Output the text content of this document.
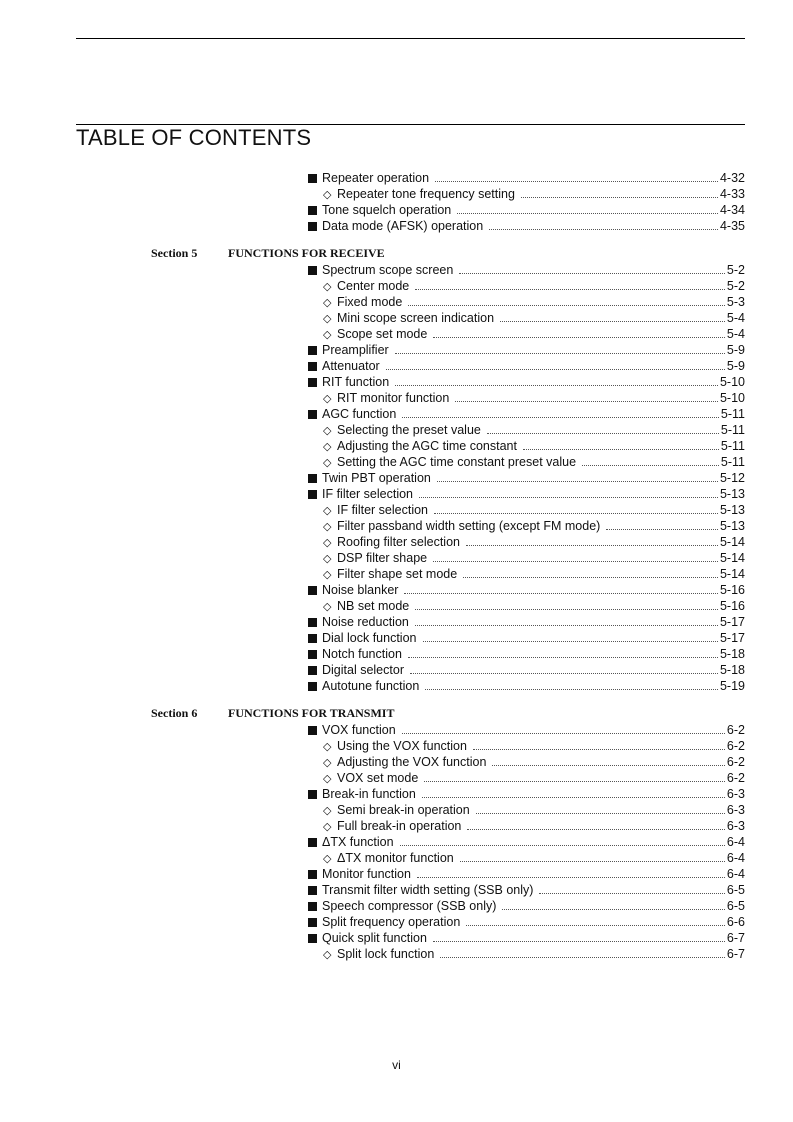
TABLE OF CONTENTS
Repeater operation	4-32
◇
Repeater tone frequency setting	4-33
Tone squelch operation	4-34
Data mode (AFSK) operation	4-35
Section 5	FUNCTIONS FOR RECEIVE
Spectrum scope screen	5-2
◇
Center mode	5-2
◇
Fixed mode	5-3
◇
Mini scope screen indication	5-4
◇
Scope set mode	5-4
Preamplifier	5-9
Attenuator	5-9
RIT function	5-10
◇
RIT monitor function	5-10
AGC function	5-11
◇
Selecting the preset value	5-11
◇
Adjusting the AGC time constant	5-11
◇
Setting the AGC time constant preset value	5-11
Twin PBT operation	5-12
IF filter selection	5-13
◇
IF filter selection	5-13
◇
Filter passband width setting (except FM mode)	5-13
◇
Roofing filter selection	5-14
◇
DSP filter shape	5-14
◇
Filter shape set mode	5-14
Noise blanker	5-16
◇
NB set mode	5-16
Noise reduction	5-17
Dial lock function	5-17
Notch function	5-18
Digital selector	5-18
Autotune function	5-19
Section 6	FUNCTIONS FOR TRANSMIT
VOX function	6-2
◇
Using the VOX function	6-2
◇
Adjusting the VOX function	6-2
◇
VOX set mode	6-2
Break-in function	6-3
◇
Semi break-in operation	6-3
◇
Full break-in operation	6-3
ΔTX function	6-4
◇
ΔTX monitor function	6-4
Monitor function	6-4
Transmit filter width setting (SSB only)	6-5
Speech compressor (SSB only)	6-5
Split frequency operation	6-6
Quick split function	6-7
◇
Split lock function	6-7
vi
